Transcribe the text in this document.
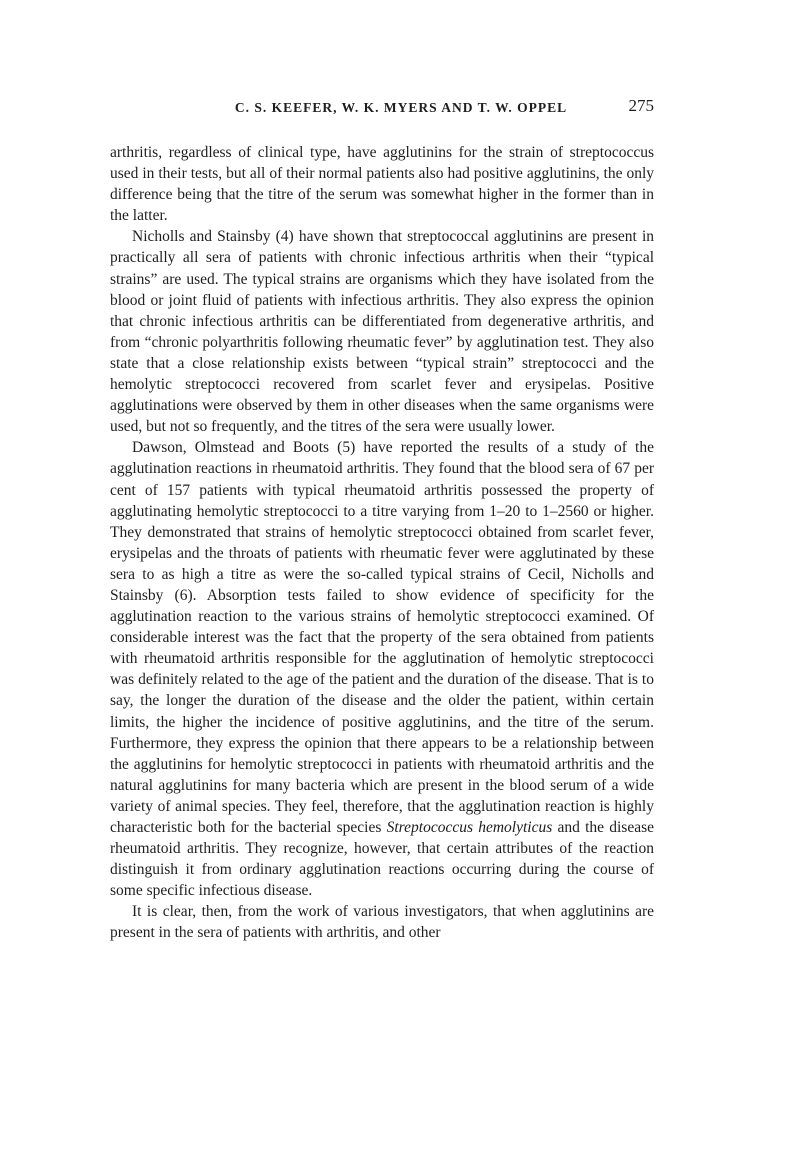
C. S. KEEFER, W. K. MYERS AND T. W. OPPEL	275

arthritis, regardless of clinical type, have agglutinins for the strain of streptococcus used in their tests, but all of their normal patients also had positive agglutinins, the only difference being that the titre of the serum was somewhat higher in the former than in the latter.

Nicholls and Stainsby (4) have shown that streptococcal agglutinins are present in practically all sera of patients with chronic infectious arthritis when their “typical strains” are used. The typical strains are organisms which they have isolated from the blood or joint fluid of patients with infectious arthritis. They also express the opinion that chronic infectious arthritis can be differentiated from degenerative arthritis, and from “chronic polyarthritis following rheumatic fever” by agglutination test. They also state that a close relationship exists between “typical strain” streptococci and the hemolytic streptococci recovered from scarlet fever and erysipelas. Positive agglutinations were observed by them in other diseases when the same organisms were used, but not so frequently, and the titres of the sera were usually lower.

Dawson, Olmstead and Boots (5) have reported the results of a study of the agglutination reactions in rheumatoid arthritis. They found that the blood sera of 67 per cent of 157 patients with typical rheumatoid arthritis possessed the property of agglutinating hemolytic streptococci to a titre varying from 1–20 to 1–2560 or higher. They demonstrated that strains of hemolytic streptococci obtained from scarlet fever, erysipelas and the throats of patients with rheumatic fever were agglutinated by these sera to as high a titre as were the so-called typical strains of Cecil, Nicholls and Stainsby (6). Absorption tests failed to show evidence of specificity for the agglutination reaction to the various strains of hemolytic streptococci examined. Of considerable interest was the fact that the property of the sera obtained from patients with rheumatoid arthritis responsible for the agglutination of hemolytic streptococci was definitely related to the age of the patient and the duration of the disease. That is to say, the longer the duration of the disease and the older the patient, within certain limits, the higher the incidence of positive agglutinins, and the titre of the serum. Furthermore, they express the opinion that there appears to be a relationship between the agglutinins for hemolytic streptococci in patients with rheumatoid arthritis and the natural agglutinins for many bacteria which are present in the blood serum of a wide variety of animal species. They feel, therefore, that the agglutination reaction is highly characteristic both for the bacterial species Streptococcus hemolyticus and the disease rheumatoid arthritis. They recognize, however, that certain attributes of the reaction distinguish it from ordinary agglutination reactions occurring during the course of some specific infectious disease.

It is clear, then, from the work of various investigators, that when agglutinins are present in the sera of patients with arthritis, and other
